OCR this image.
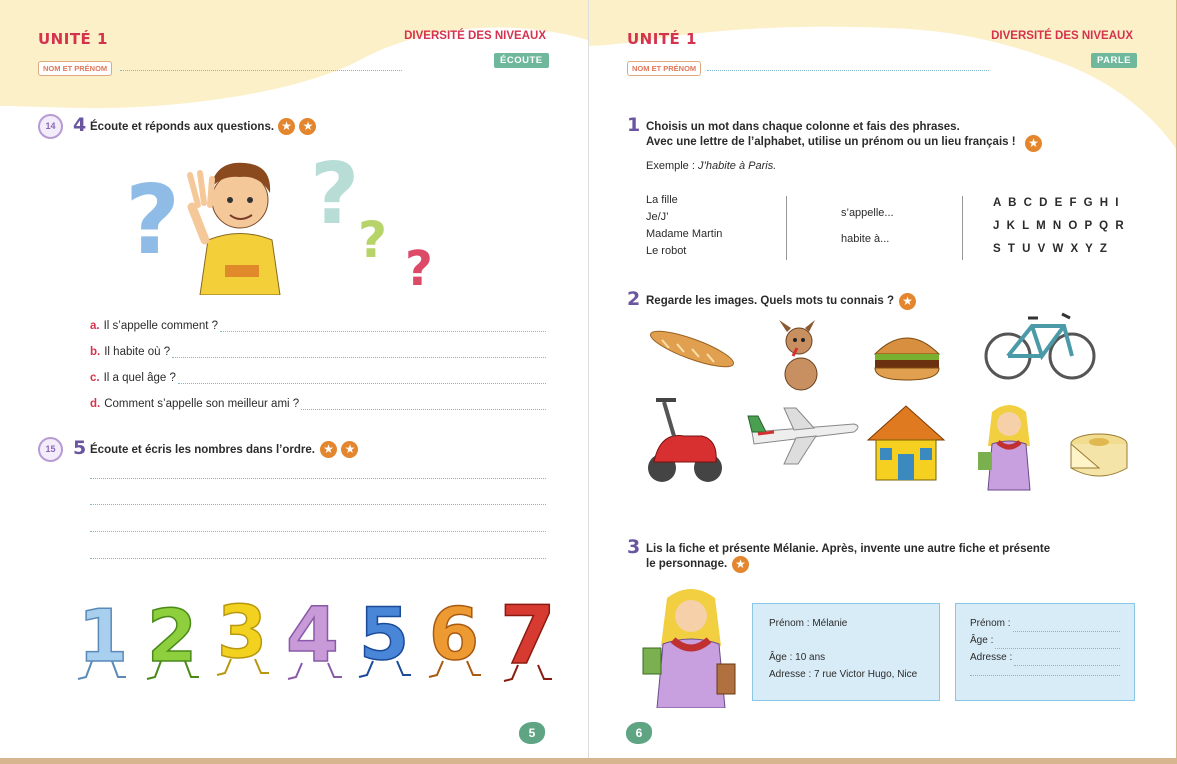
UNITÉ 1	DIVERSITÉ DES NIVEAUX
NOM ET PRÉNOM
ÉCOUTE
14 4 Écoute et réponds aux questions. ★ ★
? ?
? ?
a. Il s’appelle comment ?
b. Il habite où ?
c. Il a quel âge ?
d. Comment s’appelle son meilleur ami ?
15 5 Écoute et écris les nombres dans l’ordre. ★ ★
1 2 3 4 5 6 7
5
UNITÉ 1	DIVERSITÉ DES NIVEAUX
NOM ET PRÉNOM
PARLE
1 Choisis un mot dans chaque colonne et fais des phrases.
Avec une lettre de l’alphabet, utilise un prénom ou un lieu français ! ★
Exemple : J’habite à Paris.
La fille
Je/J’
Madame Martin
Le robot
s’appelle...
habite à...
A B C D E F G H I
J K L M N O P Q R
S T U V W X Y Z
2 Regarde les images. Quels mots tu connais ? ★
3 Lis la fiche et présente Mélanie. Après, invente une autre fiche et présente
le personnage. ★
Prénom : Mélanie
Âge : 10 ans
Adresse : 7 rue Victor Hugo, Nice
Prénom :
Âge :
Adresse :
6
